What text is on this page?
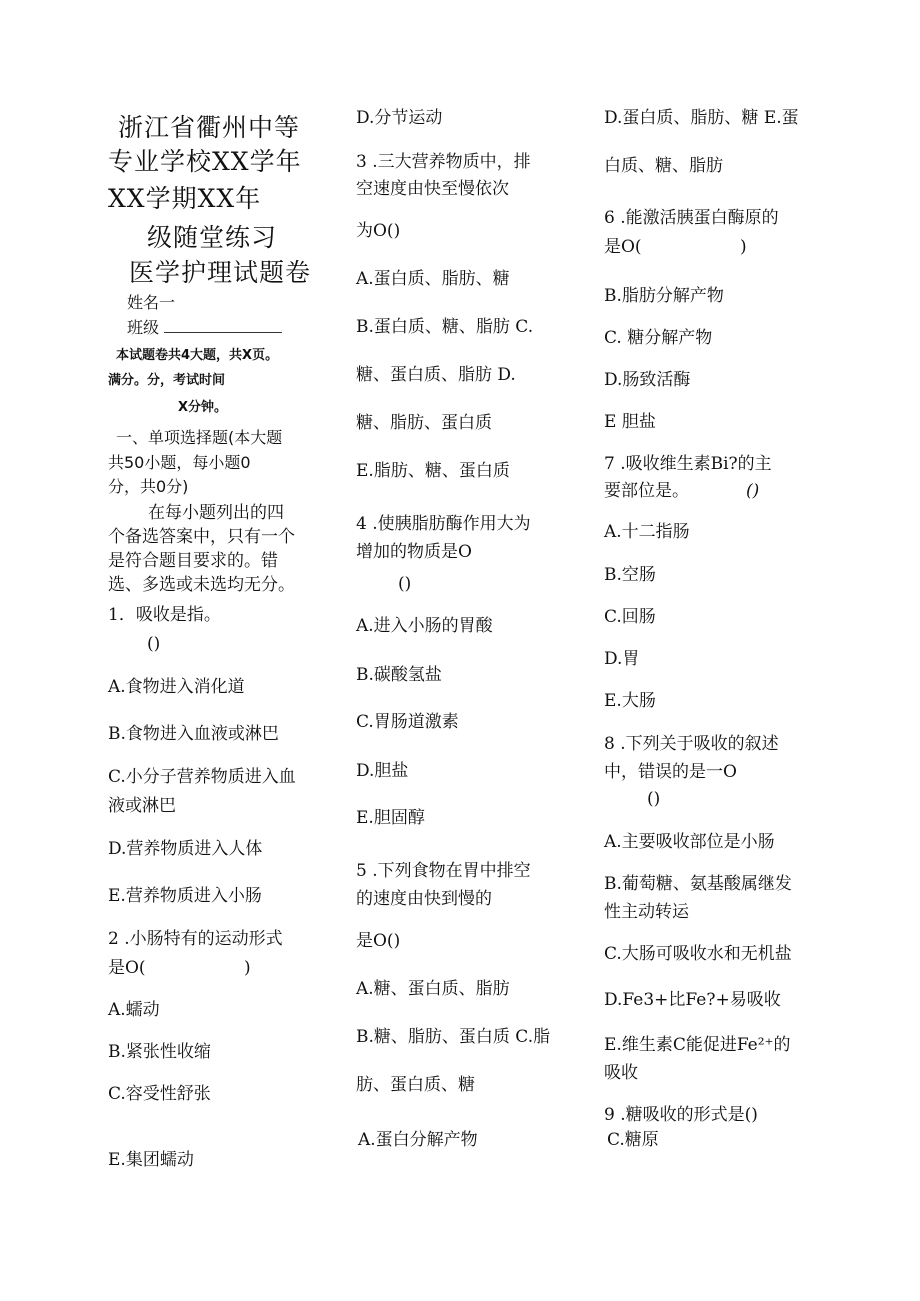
浙江省衢州中等
专业学校XX学年
XX学期XX年
级随堂练习
医学护理试题卷
姓名一
班级
本试题卷共4大题，共X页。
满分。分，考试时间
X分钟。
一、单项选择题(本大题
共50小题，每小题0
分，共0分)
在每小题列出的四
个备选答案中，只有一个
是符合题目要求的。错
选、多选或未选均无分。
1．吸收是指。
()
A.食物进入消化道
B.食物进入血液或淋巴
C.小分子营养物质进入血
液或淋巴
D.营养物质进入人体
E.营养物质进入小肠
2 .小肠特有的运动形式
是O(	)
A.蠕动
B.紧张性收缩
C.容受性舒张
E.集团蠕动
D.分节运动
3 .三大营养物质中，排
空速度由快至慢依次
为O()
A.蛋白质、脂肪、糖
B.蛋白质、糖、脂肪 C.
糖、蛋白质、脂肪 D.
糖、脂肪、蛋白质
E.脂肪、糖、蛋白质
4 .使胰脂肪酶作用大为
增加的物质是O
()
A.进入小肠的胃酸
B.碳酸氢盐
C.胃肠道激素
D.胆盐
E.胆固醇
5 .下列食物在胃中排空
的速度由快到慢的
是O()
A.糖、蛋白质、脂肪
B.糖、脂肪、蛋白质 C.脂
肪、蛋白质、糖
A.蛋白分解产物
D.蛋白质、脂肪、糖 E.蛋
白质、糖、脂肪
6 .能激活胰蛋白酶原的
是O(	)
B.脂肪分解产物
C. 糖分解产物
D.肠致活酶
E 胆盐
7 .吸收维生素Bi?的主
要部位是。	()
A.十二指肠
B.空肠
C.回肠
D.胃
E.大肠
8 .下列关于吸收的叙述
中，错误的是一O
()
A.主要吸收部位是小肠
B.葡萄糖、氨基酸属继发
性主动转运
C.大肠可吸收水和无机盐
D.Fe3+比Fe?+易吸收
E.维生素C能促进Fe²⁺的
吸收
9 .糖吸收的形式是()
C.糖原
